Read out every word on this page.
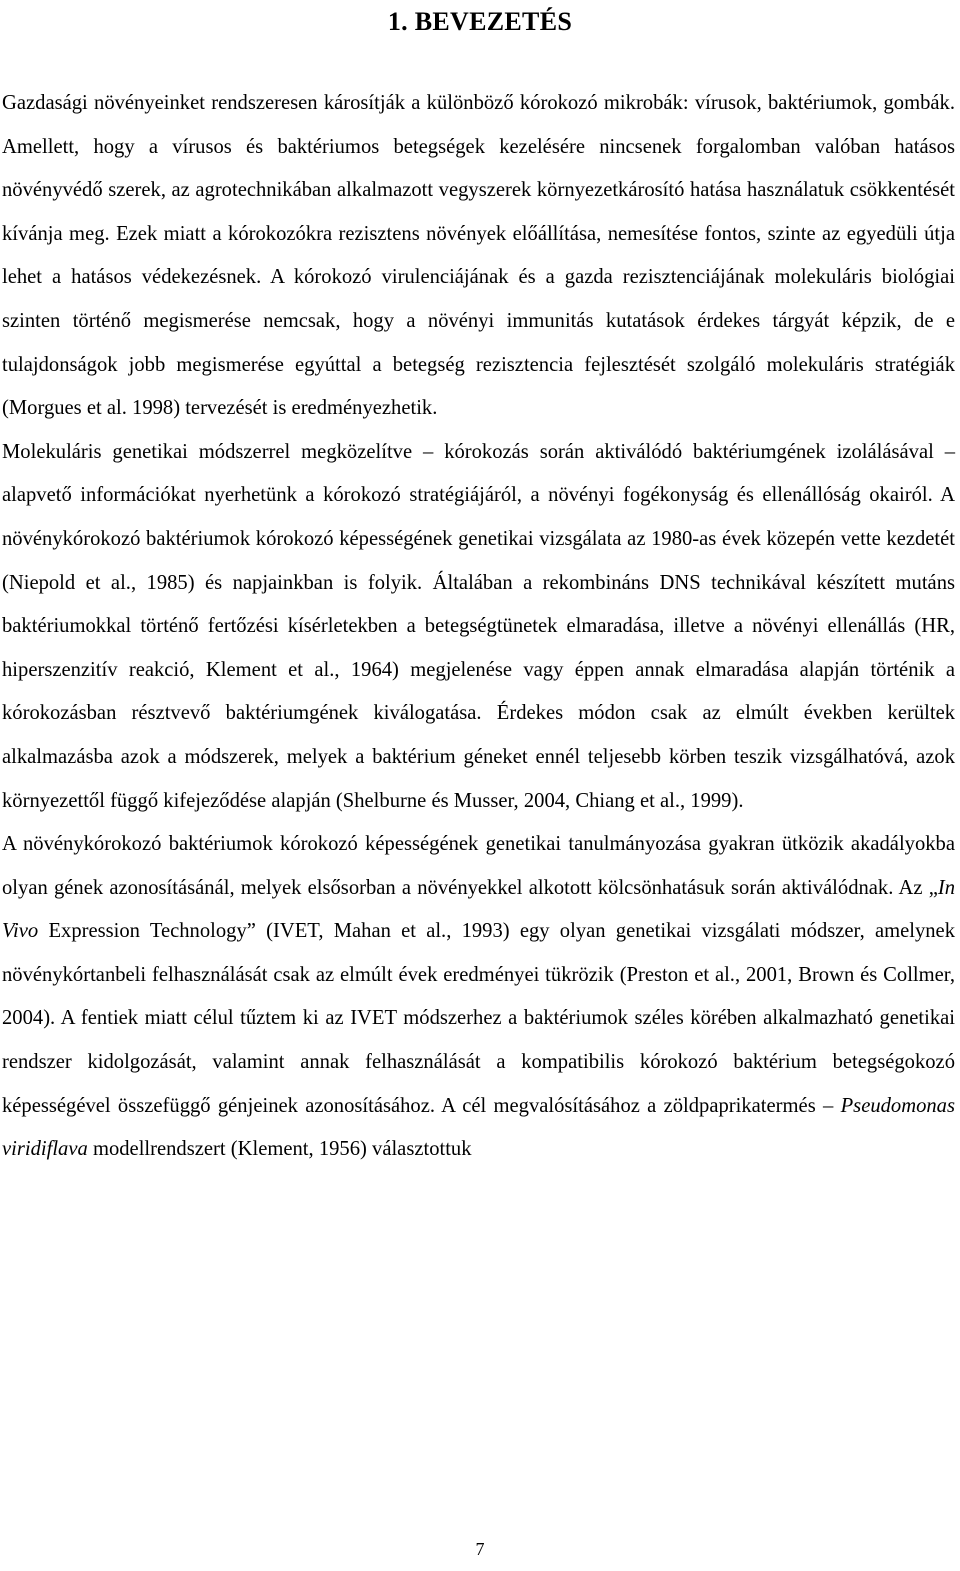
1. BEVEZETÉS

Gazdasági növényeinket rendszeresen károsítják a különböző kórokozó mikrobák: vírusok, baktériumok, gombák. Amellett, hogy a vírusos és baktériumos betegségek kezelésére nincsenek forgalomban valóban hatásos növényvédő szerek, az agrotechnikában alkalmazott vegyszerek környezetkárosító hatása használatuk csökkentését kívánja meg. Ezek miatt a kórokozókra rezisztens növények előállítása, nemesítése fontos, szinte az egyedüli útja lehet a hatásos védekezésnek. A kórokozó virulenciájának és a gazda rezisztenciájának molekuláris biológiai szinten történő megismerése nemcsak, hogy a növényi immunitás kutatások érdekes tárgyát képzik, de e tulajdonságok jobb megismerése egyúttal a betegség rezisztencia fejlesztését szolgáló molekuláris stratégiák (Morgues et al. 1998) tervezését is eredményezhetik.

Molekuláris genetikai módszerrel megközelítve – kórokozás során aktiválódó baktériumgének izolálásával – alapvető információkat nyerhetünk a kórokozó stratégiájáról, a növényi fogékonyság és ellenállóság okairól. A növénykórokozó baktériumok kórokozó képességének genetikai vizsgálata az 1980-as évek közepén vette kezdetét (Niepold et al., 1985) és napjainkban is folyik. Általában a rekombináns DNS technikával készített mutáns baktériumokkal történő fertőzési kísérletekben a betegségtünetek elmaradása, illetve a növényi ellenállás (HR, hiperszenzitív reakció, Klement et al., 1964) megjelenése vagy éppen annak elmaradása alapján történik a kórokozásban résztvevő baktériumgének kiválogatása. Érdekes módon csak az elmúlt években kerültek alkalmazásba azok a módszerek, melyek a baktérium géneket ennél teljesebb körben teszik vizsgálhatóvá, azok környezettől függő kifejeződése alapján (Shelburne és Musser, 2004, Chiang et al., 1999).

A növénykórokozó baktériumok kórokozó képességének genetikai tanulmányozása gyakran ütközik akadályokba olyan gének azonosításánál, melyek elsősorban a növényekkel alkotott kölcsönhatásuk során aktiválódnak. Az „In Vivo Expression Technology” (IVET, Mahan et al., 1993) egy olyan genetikai vizsgálati módszer, amelynek növénykórtanbeli felhasználását csak az elmúlt évek eredményei tükrözik (Preston et al., 2001, Brown és Collmer, 2004). A fentiek miatt célul tűztem ki az IVET módszerhez a baktériumok széles körében alkalmazható genetikai rendszer kidolgozását, valamint annak felhasználását a kompatibilis kórokozó baktérium betegségokozó képességével összefüggő génjeinek azonosításához. A cél megvalósításához a zöldpaprikatermés – Pseudomonas viridiflava modellrendszert (Klement, 1956) választottuk

7
